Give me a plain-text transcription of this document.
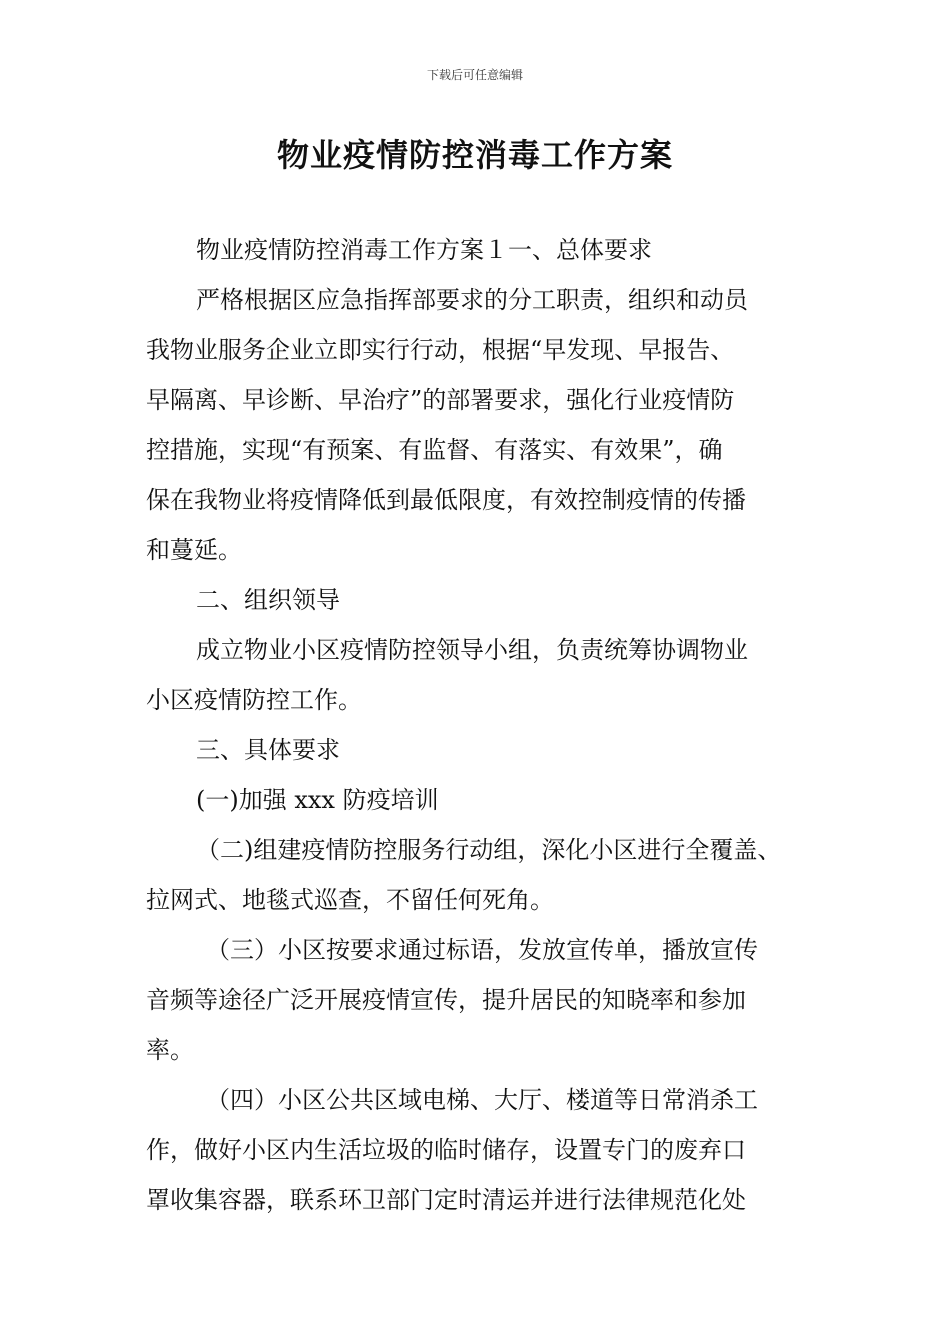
下载后可任意编辑
物业疫情防控消毒工作方案
物业疫情防控消毒工作方案１一、总体要求
严格根据区应急指挥部要求的分工职责，组织和动员
我物业服务企业立即实行行动，根据“早发现、早报告、
早隔离、早诊断、早治疗”的部署要求，强化行业疫情防
控措施，实现“有预案、有监督、有落实、有效果”，确
保在我物业将疫情降低到最低限度，有效控制疫情的传播
和蔓延。
二、组织领导
成立物业小区疫情防控领导小组，负责统筹协调物业
小区疫情防控工作。
三、具体要求
(一)加强 xxx 防疫培训
（二)组建疫情防控服务行动组，深化小区进行全覆盖、
拉网式、地毯式巡查，不留任何死角。
（三）小区按要求通过标语，发放宣传单，播放宣传
音频等途径广泛开展疫情宣传，提升居民的知晓率和参加
率。
（四）小区公共区域电梯、大厅、楼道等日常消杀工
作，做好小区内生活垃圾的临时储存，设置专门的废弃口
罩收集容器，联系环卫部门定时清运并进行法律规范化处
